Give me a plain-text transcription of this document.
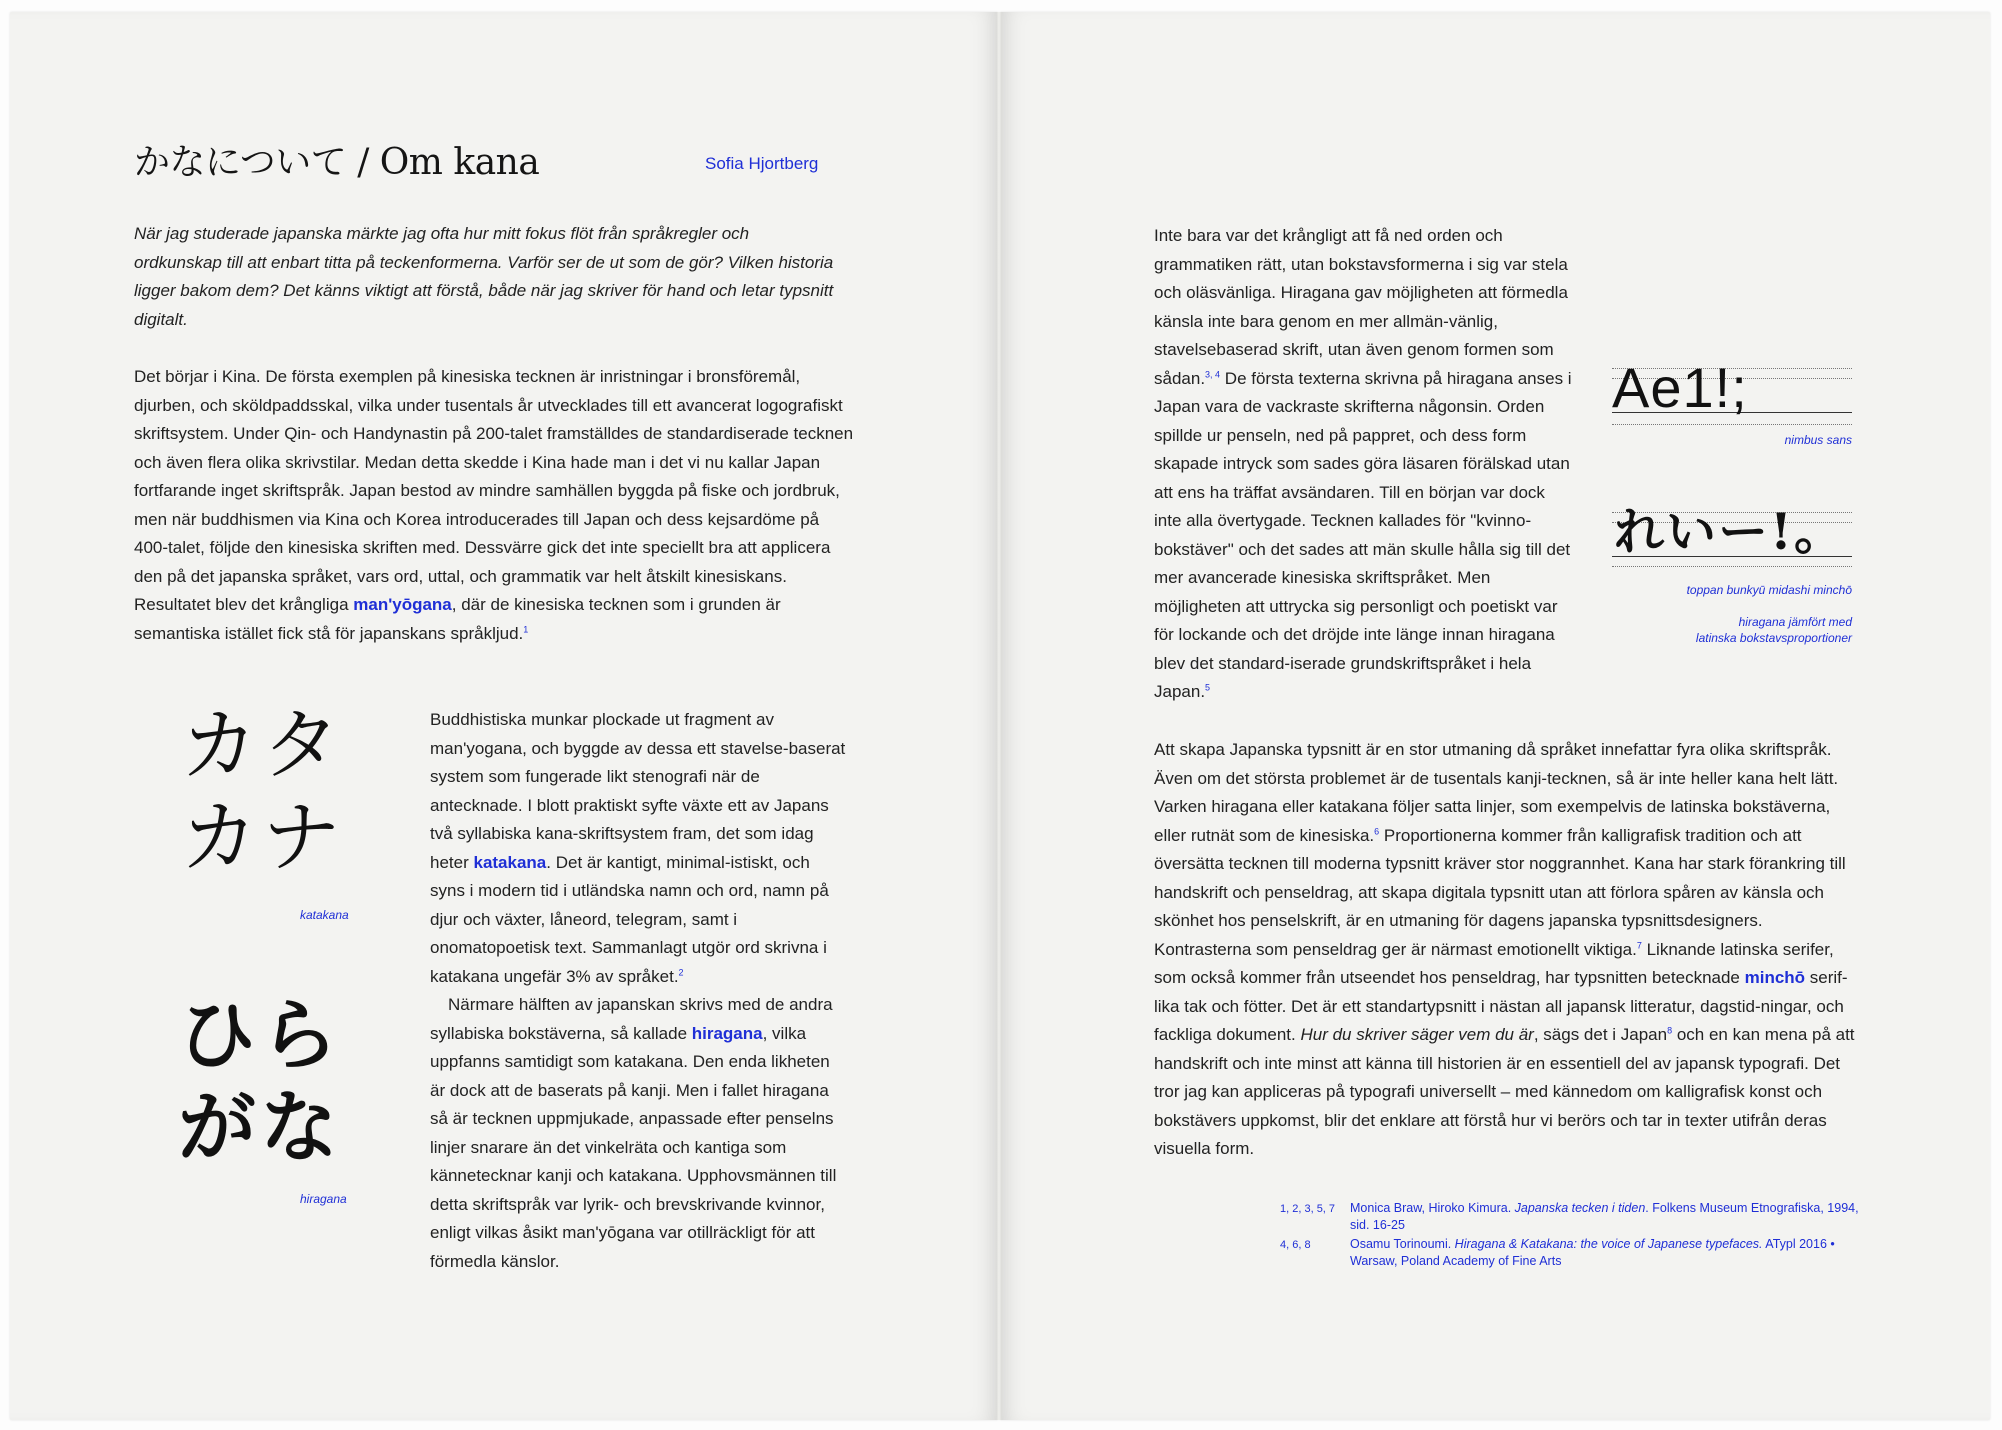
かなについて / Om kana	Sofia Hjortberg
När jag studerade japanska märkte jag ofta hur mitt fokus flöt från språkregler och ordkunskap till att enbart titta på teckenformerna. Varför ser de ut som de gör? Vilken historia ligger bakom dem? Det känns viktigt att förstå, både när jag skriver för hand och letar typsnitt digitalt.
Det börjar i Kina. De första exemplen på kinesiska tecknen är inristningar i bronsföremål, djurben, och sköldpaddsskal, vilka under tusentals år utvecklades till ett avancerat logografiskt skriftsystem. Under Qin- och Handynastin på 200-talet framställdes de standardiserade tecknen och även flera olika skrivstilar. Medan detta skedde i Kina hade man i det vi nu kallar Japan fortfarande inget skriftspråk. Japan bestod av mindre samhällen byggda på fiske och jordbruk, men när buddhismen via Kina och Korea introducerades till Japan och dess kejsardöme på 400-talet, följde den kinesiska skriften med. Dessvärre gick det inte speciellt bra att applicera den på det japanska språket, vars ord, uttal, och grammatik var helt åtskilt kinesiskans. Resultatet blev det krångliga man'yōgana, där de kinesiska tecknen som i grunden är semantiska istället fick stå för japanskans språkljud.$^1$
カタ
カナ
katakana
ひら
がな
hiragana

Buddhistiska munkar plockade ut fragment av man'yogana, och byggde av dessa ett stavelse-baserat system som fungerade likt stenografi när de antecknade. I blott praktiskt syfte växte ett av Japans två syllabiska kana-skriftsystem fram, det som idag heter katakana. Det är kantigt, minimal-istiskt, och syns i modern tid i utländska namn och ord, namn på djur och växter, låneord, telegram, samt i onomatopoetisk text. Sammanlagt utgör ord skrivna i katakana ungefär 3% av språket.$^2$

Närmare hälften av japanskan skrivs med de andra syllabiska bokstäverna, så kallade hiragana, vilka uppfanns samtidigt som katakana. Den enda likheten är dock att de baserats på kanji. Men i fallet hiragana så är tecknen uppmjukade, anpassade efter penselns linjer snarare än det vinkelräta och kantiga som kännetecknar kanji och katakana. Upphovsmännen till detta skriftspråk var lyrik- och brevskrivande kvinnor, enligt vilkas åsikt man'yōgana var otillräckligt för att förmedla känslor.

Inte bara var det krångligt att få ned orden och grammatiken rätt, utan bokstavsformerna i sig var stela och oläsvänliga. Hiragana gav möjligheten att förmedla känsla inte bara genom en mer allmän-vänlig, stavelsebaserad skrift, utan även genom formen som sådan.$^{3, 4}$ De första texterna skrivna på hiragana anses i Japan vara de vackraste skrifterna någonsin. Orden spillde ur penseln, ned på pappret, och dess form skapade intryck som sades göra läsaren förälskad utan att ens ha träffat avsändaren. Till en början var dock inte alla övertygade. Tecknen kallades för "kvinno-bokstäver" och det sades att män skulle hålla sig till det mer avancerade kinesiska skriftspråket. Men möjligheten att uttrycka sig personligt och poetiskt var för lockande och det dröjde inte länge innan hiragana blev det standard-iserade grundskriftspråket i hela Japan.$^5$
Ae1!;
nimbus sans
れいー!。
toppan bunkyū midashi minchō
hiragana jämfört med
latinska bokstavsproportioner
Att skapa Japanska typsnitt är en stor utmaning då språket innefattar fyra olika skriftspråk. Även om det största problemet är de tusentals kanji-tecknen, så är inte heller kana helt lätt. Varken hiragana eller katakana följer satta linjer, som exempelvis de latinska bokstäverna, eller rutnät som de kinesiska.$^6$ Proportionerna kommer från kalligrafisk tradition och att översätta tecknen till moderna typsnitt kräver stor noggrannhet. Kana har stark förankring till handskrift och penseldrag, att skapa digitala typsnitt utan att förlora spåren av känsla och skönhet hos penselskrift, är en utmaning för dagens japanska typsnittsdesigners. Kontrasterna som penseldrag ger är närmast emotionellt viktiga.$^7$ Liknande latinska serifer, som också kommer från utseendet hos penseldrag, har typsnitten betecknade minchō serif-lika tak och fötter. Det är ett standartypsnitt i nästan all japansk litteratur, dagstid-ningar, och fackliga dokument. Hur du skriver säger vem du är, sägs det i Japan$^8$ och en kan mena på att handskrift och inte minst att känna till historien är en essentiell del av japansk typografi. Det tror jag kan appliceras på typografi universellt – med kännedom om kalligrafisk konst och bokstävers uppkomst, blir det enklare att förstå hur vi berörs och tar in texter utifrån deras visuella form.
1, 2, 3, 5, 7	Monica Braw, Hiroko Kimura. Japanska tecken i tiden. Folkens Museum Etnografiska, 1994, sid. 16-25
4, 6, 8	Osamu Torinoumi. Hiragana & Katakana: the voice of Japanese typefaces. ATypl 2016 • Warsaw, Poland Academy of Fine Arts
